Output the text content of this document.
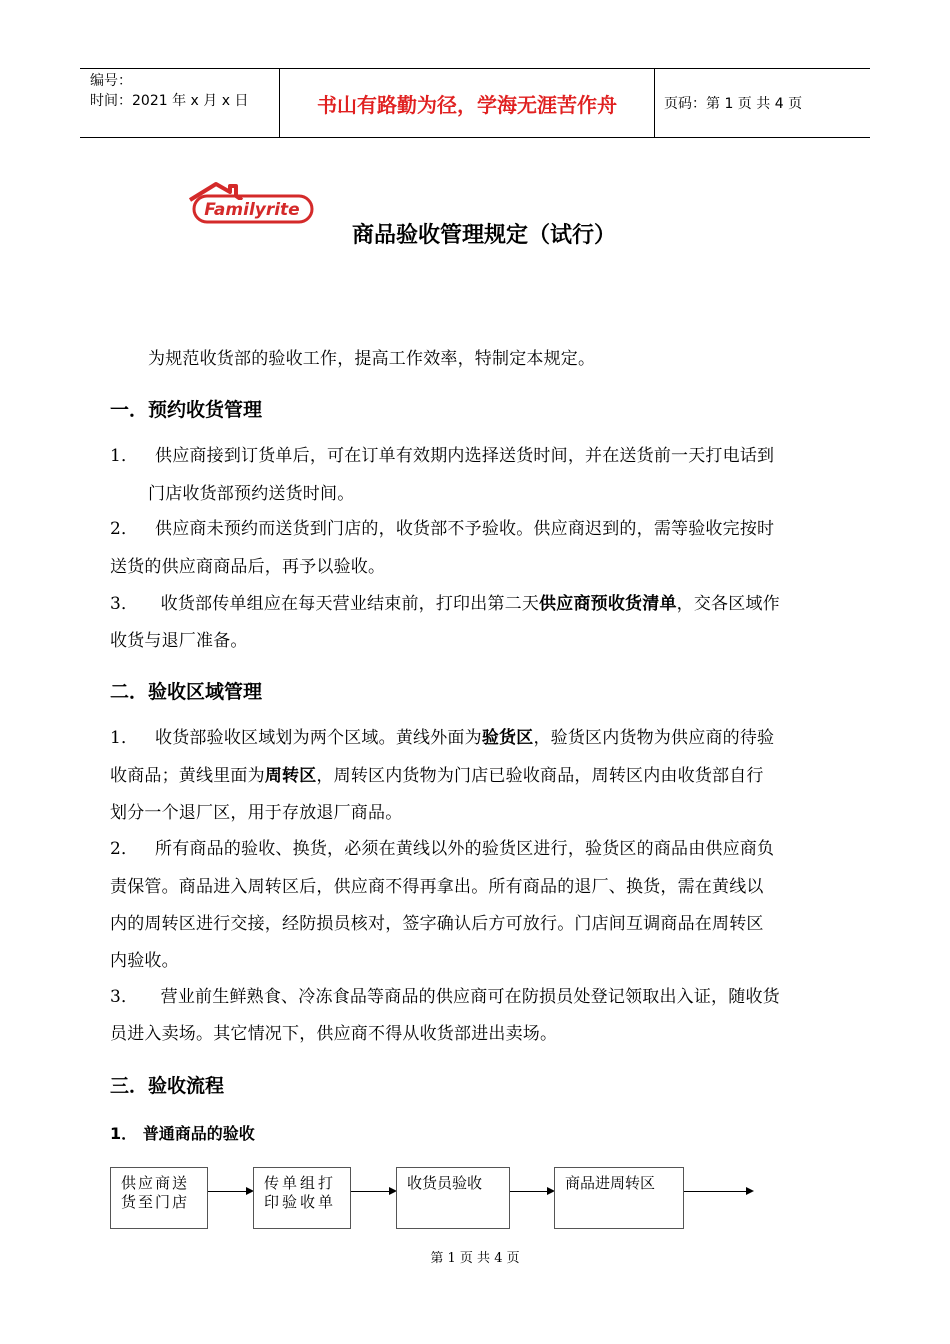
编号：
时间：2021 年 x 月 x 日	书山有路勤为径，学海无涯苦作舟	页码：第 1 页 共 4 页
Familyrite
商品验收管理规定（试行）
为规范收货部的验收工作，提高工作效率，特制定本规定。
一．预约收货管理
1． 供应商接到订货单后，可在订单有效期内选择送货时间，并在送货前一天打电话到
门店收货部预约送货时间。
2． 供应商未预约而送货到门店的，收货部不予验收。供应商迟到的，需等验收完按时
送货的供应商商品后，再予以验收。
3． 收货部传单组应在每天营业结束前，打印出第二天供应商预收货清单，交各区域作
收货与退厂准备。
二．验收区域管理
1． 收货部验收区域划为两个区域。黄线外面为验货区，验货区内货物为供应商的待验
收商品；黄线里面为周转区，周转区内货物为门店已验收商品，周转区内由收货部自行
划分一个退厂区，用于存放退厂商品。
2． 所有商品的验收、换货，必须在黄线以外的验货区进行，验货区的商品由供应商负
责保管。商品进入周转区后，供应商不得再拿出。所有商品的退厂、换货，需在黄线以
内的周转区进行交接，经防损员核对，签字确认后方可放行。门店间互调商品在周转区
内验收。
3． 营业前生鲜熟食、冷冻食品等商品的供应商可在防损员处登记领取出入证，随收货
员进入卖场。其它情况下，供应商不得从收货部进出卖场。
三．验收流程
1． 普通商品的验收
供应商送货至门店
传单组打印验收单
收货员验收	商品进周转区
第 1 页 共 4 页
